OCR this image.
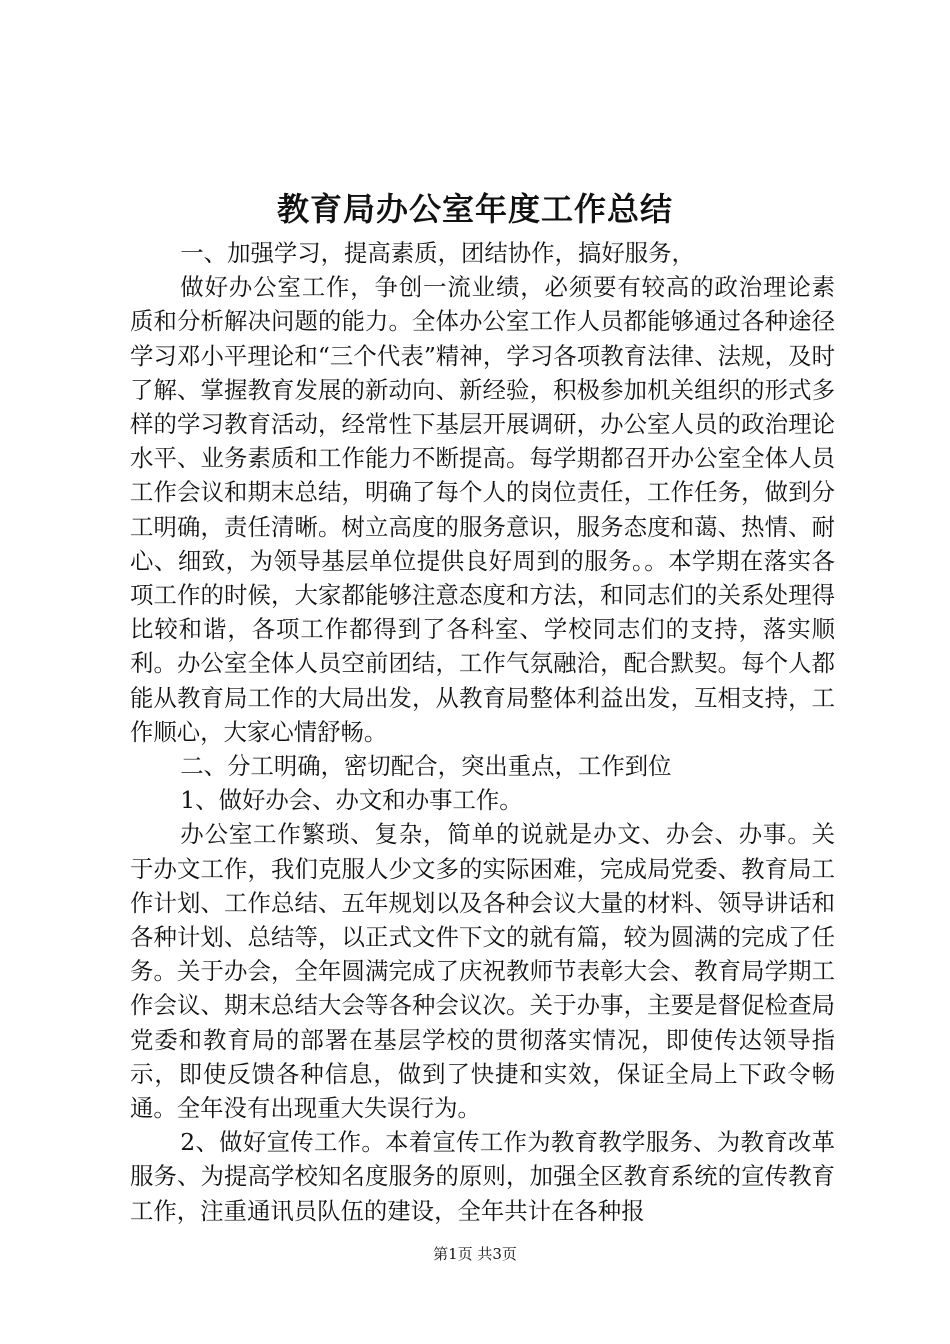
教育局办公室年度工作总结

一、加强学习，提高素质，团结协作，搞好服务，

做好办公室工作，争创一流业绩，必须要有较高的政治理论素质和分析解决问题的能力。全体办公室工作人员都能够通过各种途径学习邓小平理论和“三个代表”精神，学习各项教育法律、法规，及时了解、掌握教育发展的新动向、新经验，积极参加机关组织的形式多样的学习教育活动，经常性下基层开展调研，办公室人员的政治理论水平、业务素质和工作能力不断提高。每学期都召开办公室全体人员工作会议和期末总结，明确了每个人的岗位责任，工作任务，做到分工明确，责任清晰。树立高度的服务意识，服务态度和蔼、热情、耐心、细致，为领导基层单位提供良好周到的服务。。本学期在落实各项工作的时候，大家都能够注意态度和方法，和同志们的关系处理得比较和谐，各项工作都得到了各科室、学校同志们的支持，落实顺利。办公室全体人员空前团结，工作气氛融洽，配合默契。每个人都能从教育局工作的大局出发，从教育局整体利益出发，互相支持，工作顺心，大家心情舒畅。

二、分工明确，密切配合，突出重点，工作到位

1、做好办会、办文和办事工作。

办公室工作繁琐、复杂，简单的说就是办文、办会、办事。关于办文工作，我们克服人少文多的实际困难，完成局党委、教育局工作计划、工作总结、五年规划以及各种会议大量的材料、领导讲话和各种计划、总结等，以正式文件下文的就有篇，较为圆满的完成了任务。关于办会，全年圆满完成了庆祝教师节表彰大会、教育局学期工作会议、期末总结大会等各种会议次。关于办事，主要是督促检查局党委和教育局的部署在基层学校的贯彻落实情况，即使传达领导指示，即使反馈各种信息，做到了快捷和实效，保证全局上下政令畅通。全年没有出现重大失误行为。

2、做好宣传工作。本着宣传工作为教育教学服务、为教育改革服务、为提高学校知名度服务的原则，加强全区教育系统的宣传教育工作，注重通讯员队伍的建设，全年共计在各种报

第1页 共3页
